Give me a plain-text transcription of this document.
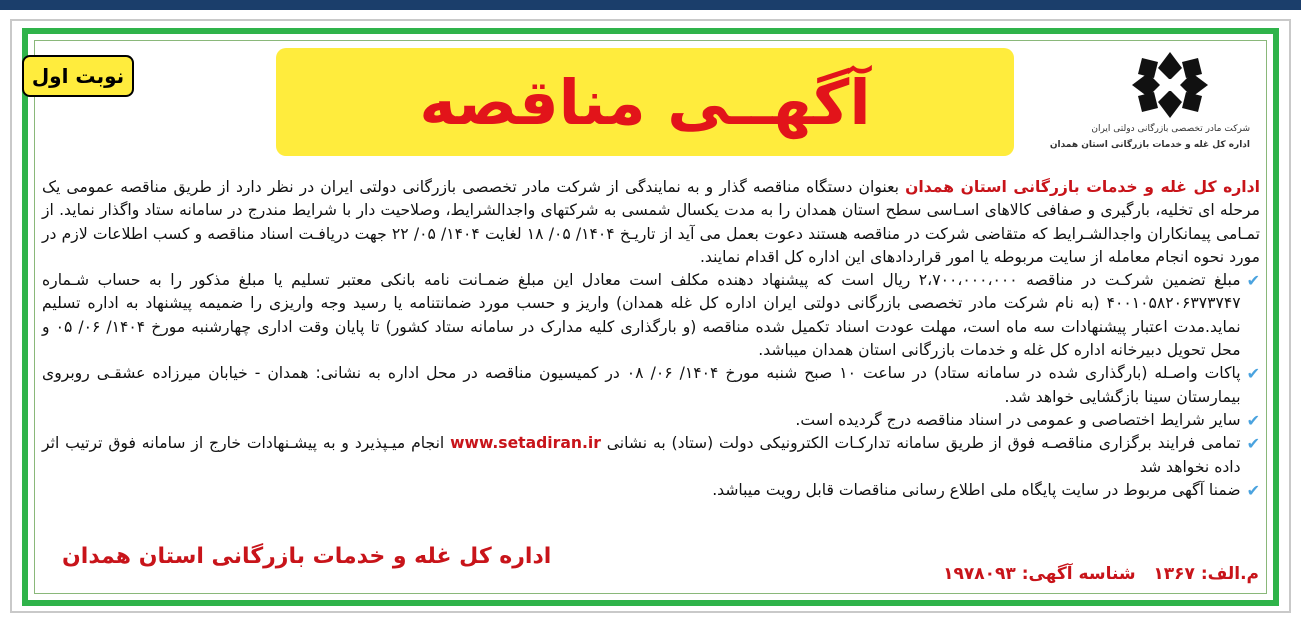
نوبت اول	آگهــی مناقصه	شرکت مادر تخصصی بازرگانی دولتی ایران
اداره کل غله و خدمات بازرگانی استان همدان

اداره کل غله و خدمات بازرگانی استان همدان بعنوان دستگاه مناقصه گذار و به نمایندگی از شرکت مادر تخصصی بازرگانی دولتی ایران در نظر دارد از طریق مناقصه عمومی یک مرحله ای تخلیه، بارگیری و صفافی کالاهای اسـاسی سطح استان همدان را به مدت یکسال شمسی به شرکتهای واجدالشرایط، وصلاحیت دار با شرایط مندرج در سامانه ستاد واگذار نماید. از تمـامی پیمانکاران واجدالشـرایط که متقاضی شرکت در مناقصه هستند دعوت بعمل می آید از تاریـخ ۱۴۰۴/ ۰۵/ ۱۸ لغایت ۱۴۰۴/ ۰۵/ ۲۲ جهت دریافـت اسناد مناقصه و کسب اطلاعات لازم در مورد نحوه انجام معامله از سایت مربوطه یا امور قراردادهای این اداره کل اقدام نمایند.

✔
مبلغ تضمین شرکـت در مناقصه ۲،۷۰۰،۰۰۰،۰۰۰ ریال است که پیشنهاد دهنده مکلف است معادل این مبلغ ضمـانت نامه بانکی معتبر تسلیم یا مبلغ مذکور را به حساب شـماره ۴۰۰۱۰۵۸۲۰۶۳۷۳۷۴۷ (به نام شرکت مادر تخصصی بازرگانی دولتی ایران اداره کل غله همدان) واریز و حسب مورد ضمانتنامه یا رسید وجه واریزی را ضمیمه پیشنهاد به اداره تسلیم نماید.مدت اعتبار پیشنهادات سه ماه است، مهلت عودت اسناد تکمیل شده مناقصه (و بارگذاری کلیه مدارک در سامانه ستاد کشور) تا پایان وقت اداری چهارشنبه مورخ ۱۴۰۴/ ۰۶/ ۰۵ و محل تحویل دبیرخانه اداره کل غله و خدمات بازرگانی استان همدان میباشد.
✔
پاکات واصـله (بارگذاری شده در سامانه ستاد) در ساعت ۱۰ صبح شنبه مورخ ۱۴۰۴/ ۰۶/ ۰۸ در کمیسیون مناقصه در محل اداره به نشانی: همدان - خیابان میرزاده عشقـی روبروی بیمارستان سینا بازگشایی خواهد شد.
✔
سایر شرایط اختصاصی و عمومی در اسناد مناقصه درج گردیده است.
✔
تمامی فرایند برگزاری مناقصـه فوق از طریق سامانه تدارکـات الکترونیکی دولت (ستاد) به نشانی www.setadiran.ir انجام میـپذیرد و به پیشـنهادات خارج از سامانه فوق ترتیب اثر داده نخواهد شد
✔
ضمنا آگهی مربوط در سایت پایگاه ملی اطلاع رسانی مناقصات قابل رویت میباشد.
اداره کل غله و خدمات بازرگانی استان همدان
م.الف: ۱۳۶۷   شناسه آگهی: ۱۹۷۸۰۹۳
